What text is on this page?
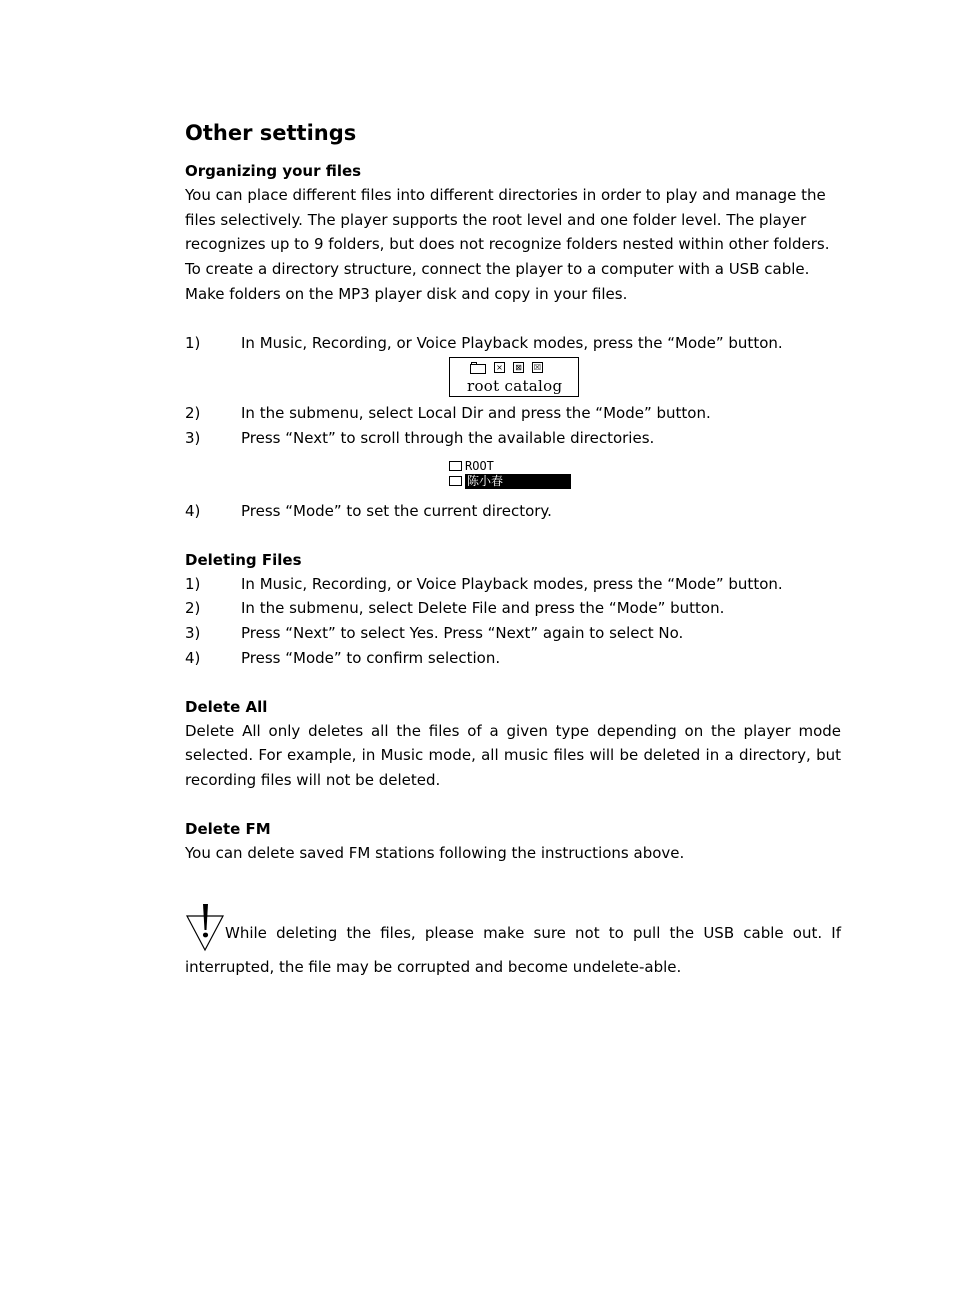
Other settings
Organizing your files

You can place different files into different directories in order to play and manage the files selectively. The player supports the root level and one folder level. The player recognizes up to 9 folders, but does not recognize folders nested within other folders. To create a directory structure, connect the player to a computer with a USB cable. Make folders on the MP3 player disk and copy in your files.

1)	In Music, Recording, or Voice Playback modes, press the “Mode” button.
× ⊠ ☒
root catalog
2)	In the submenu, select Local Dir and press the “Mode” button.
3)	Press “Next” to scroll through the available directories.
ROOT
陈小春
4)	Press “Mode” to set the current directory.
Deleting Files
1)	In Music, Recording, or Voice Playback modes, press the “Mode” button.
2)	In the submenu, select Delete File and press the “Mode” button.
3)	Press “Next” to select Yes. Press “Next” again to select No.
4)	Press “Mode” to confirm selection.
Delete All

Delete All only deletes all the files of a given type depending on the player mode selected. For example, in Music mode, all music files will be deleted in a directory, but recording files will not be deleted.

Delete FM

You can delete saved FM stations following the instructions above.

While deleting the files, please make sure not to pull the USB cable out. If interrupted, the file may be corrupted and become undelete-able.
